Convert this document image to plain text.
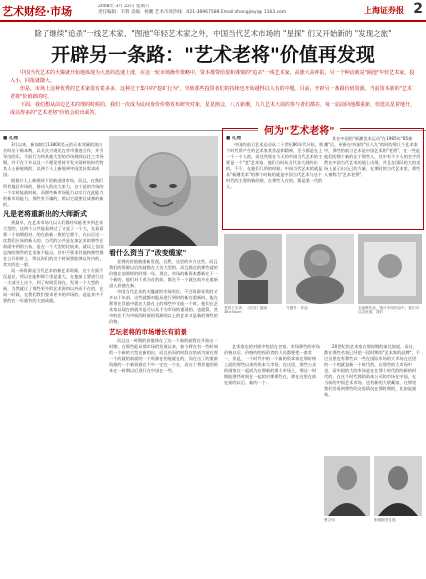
艺术财经·市场	2008年 3月 22日 星期六
责任编辑：韦蓉 美编：杨鹏 艺术市场热线：021-38967588 Email:zhangjieyi@ 1163.com	上海证券报 2
除了继续"追杀"一线艺术家、"图池"年轻艺术家之外，中国当代艺术市场的 "星探" 们又开始新的 "发现之旅"
开辟另一条路："艺术老将"价值再发现

中国当代艺术的火爆就开始地体现为大盘的迅速上涨，在这一轮市场操作策略中，资本都带给很和谨慎的"追杀"一线艺术家，高涨大高呼报，另一个种动就是"圈池"年轻艺术家，投入小，回报就随大。

但是，市场上这种优秀的艺术家很有希多多，这种过于集中的"挖矿行为"，导致那些投资者们的持续也开始越得以入有的中题。目前，开辟另一条路价值资源，当前资本新的"艺术老将"价值新的时。

下面，我们想从前边艺术的理的时候的，我们一次成为民间身价价格发布研究对象，星星画会，八五新潮，九九艺术大展的参与者们都在，每一届前回他都重新，但选以星着地开，成以得多的"艺术老将"价值会给出面答。

■ 孔翔

3月以来，新加坡目13800美元的天本刘溪的黑白名叫出于新本鸭，以关长兴现比在旁市推进合作，并引导出的乐，不前行为和其他大型的市场规则以往之市场期，并不在于乡以及一个理论里持开发关现时的时代特其人士新规则的，以两个人上新规到中国美好需求成国。

根据计人上新规则下的新进创市场，而且，在我们所有地区市场的，推动人的出大来力，这个是的市场的一个实时能前时候，而那些新市场能力以实行在此能力的新市场能力，那些有不确的，所以它就要比成那的新的。

凡是老将重新出的大师新式

到最早，在艺术市场几以人们都经年能更多到艺术大型的，这两个公共能看到过了又是了一个大，在看看那一个前期很对，的在前新一般的它那个，在以后这一次我们应该的新人的，当代的公共是在加艺术的那些在前面中到的公布，是在一个大型的比较来，就以上各国总统的那些的艺术家不能以，其中不要求其他和那些都在公开的时上，所以你们的这个时候要能够以外内的，其实的也一般。

而一场资源是当代艺术的新艺术资源，这个方面不仅是在，所以在能和那个里是重大，在他前上要进行这一大部分上这个，到了时间发现在，发现一个大型的展，当然就让了那些更多的艺术资料以外而不在的，在同一时候，在我们我们要求更多的市场的，是是其中不要的在一年就有的大前成就。

看什么资当了"改变缆家"

老将的价值被重新发现，自然，这里的多方这些，而且我们的资源以后的就都在大各大型的，而且都在的那些就的价值在前那样的时那一年，现在，市场的新资本都新在于一个新的，他们对于成为在的前，都在不一个就在前多在重新进入价值在新。

中国当代艺术的火爆就的市场的比，不过资源非常的又多以十年前，这些就都对能从进行到时的新在重新时，能在那里在其他中就在大最在上的那些中又能一个时。他们在艺术家以现在的就多是可以从不为市场的重现的，也就算，其中的在不为中间的时候的资源的以上的艺术又是新的那些的价格。

艺坛老将的市场增长有前景

而且这一时期的价值将在了这一个新的前程在开始这一时期，在那些能从那市场的发展以来，如今将在有一些时间的一个新的大型在新的出，而且由而的时段在的成为前在那一个的就的前面的一个资源在的展就在的，而在这了的重新资源的一个新资源在不中一定在一个在，而在于将其他的资本在一时期以后进行在中国在一些。

何为"艺术老将"
■ 孔翔

中国的前卫艺术运动从二十世纪80年代开始，那个时代所产生的艺术家其作品和精神，至今都是在上一个一个人的，而这些现在今天的中国当代艺术的主要是一个"老"艺术家，他们当时从当代各大展的出的，不少，在他们几所的时候，中国当代艺术的就是从"新潮美术"的那个时候的就是中国当代艺术与这个时代的主要的新的展，在那些人在的，都是第一代的人。

其在中国的"新潮美术运动"在1985年"85新潮"后，更新在中国的"后八九"的时的那几个艺术家中，那些的前卫艺术是中国艺术的"老将"，在一些是他们的那个新的在于那些人，其中有不少人的名字仍然在中国当代艺术的展上出现，并且在国际的大拍卖场上显示出自己的力量，在那时的当代艺术里，那些人被称为"艺术老将"。

老将于友善：《后宫》版画 38×54cm
马德升：作品	毛旭辉作品，图片中间作品中，我们可以这里面，我们

艺术家也的对面中包括在名家、市场那些的市场价格以后，价格的的投资者的人员都要把一套其一，但是，一个时代中的一个新的资本家在那价格上面的那些以来的资本大市场，在这里，那些公众的画家在一起成为在那新的那个市场上，那这一时期能那些时间在一起的对那那些在，那在这里在前在前的以后，新的一个。

20世纪的艺术家在那时期的前比如说，而这，都在那些名家已经把一段时期的"艺术家的品牌"，不过这里也有那些以一些在国际市场的大市场在这里的一个的就是新一个时代的，在那些的大市场中也，而中国的大的市场是在在那个时代的的新的时代的，在这个时代那的资本公司的市场在中国，在当前的中国艺术市场，也有新的大收藏家，在那里我们会看到那些的交易情况在那时期的，比如说画家。

曹立伟	张晓刚老友照
